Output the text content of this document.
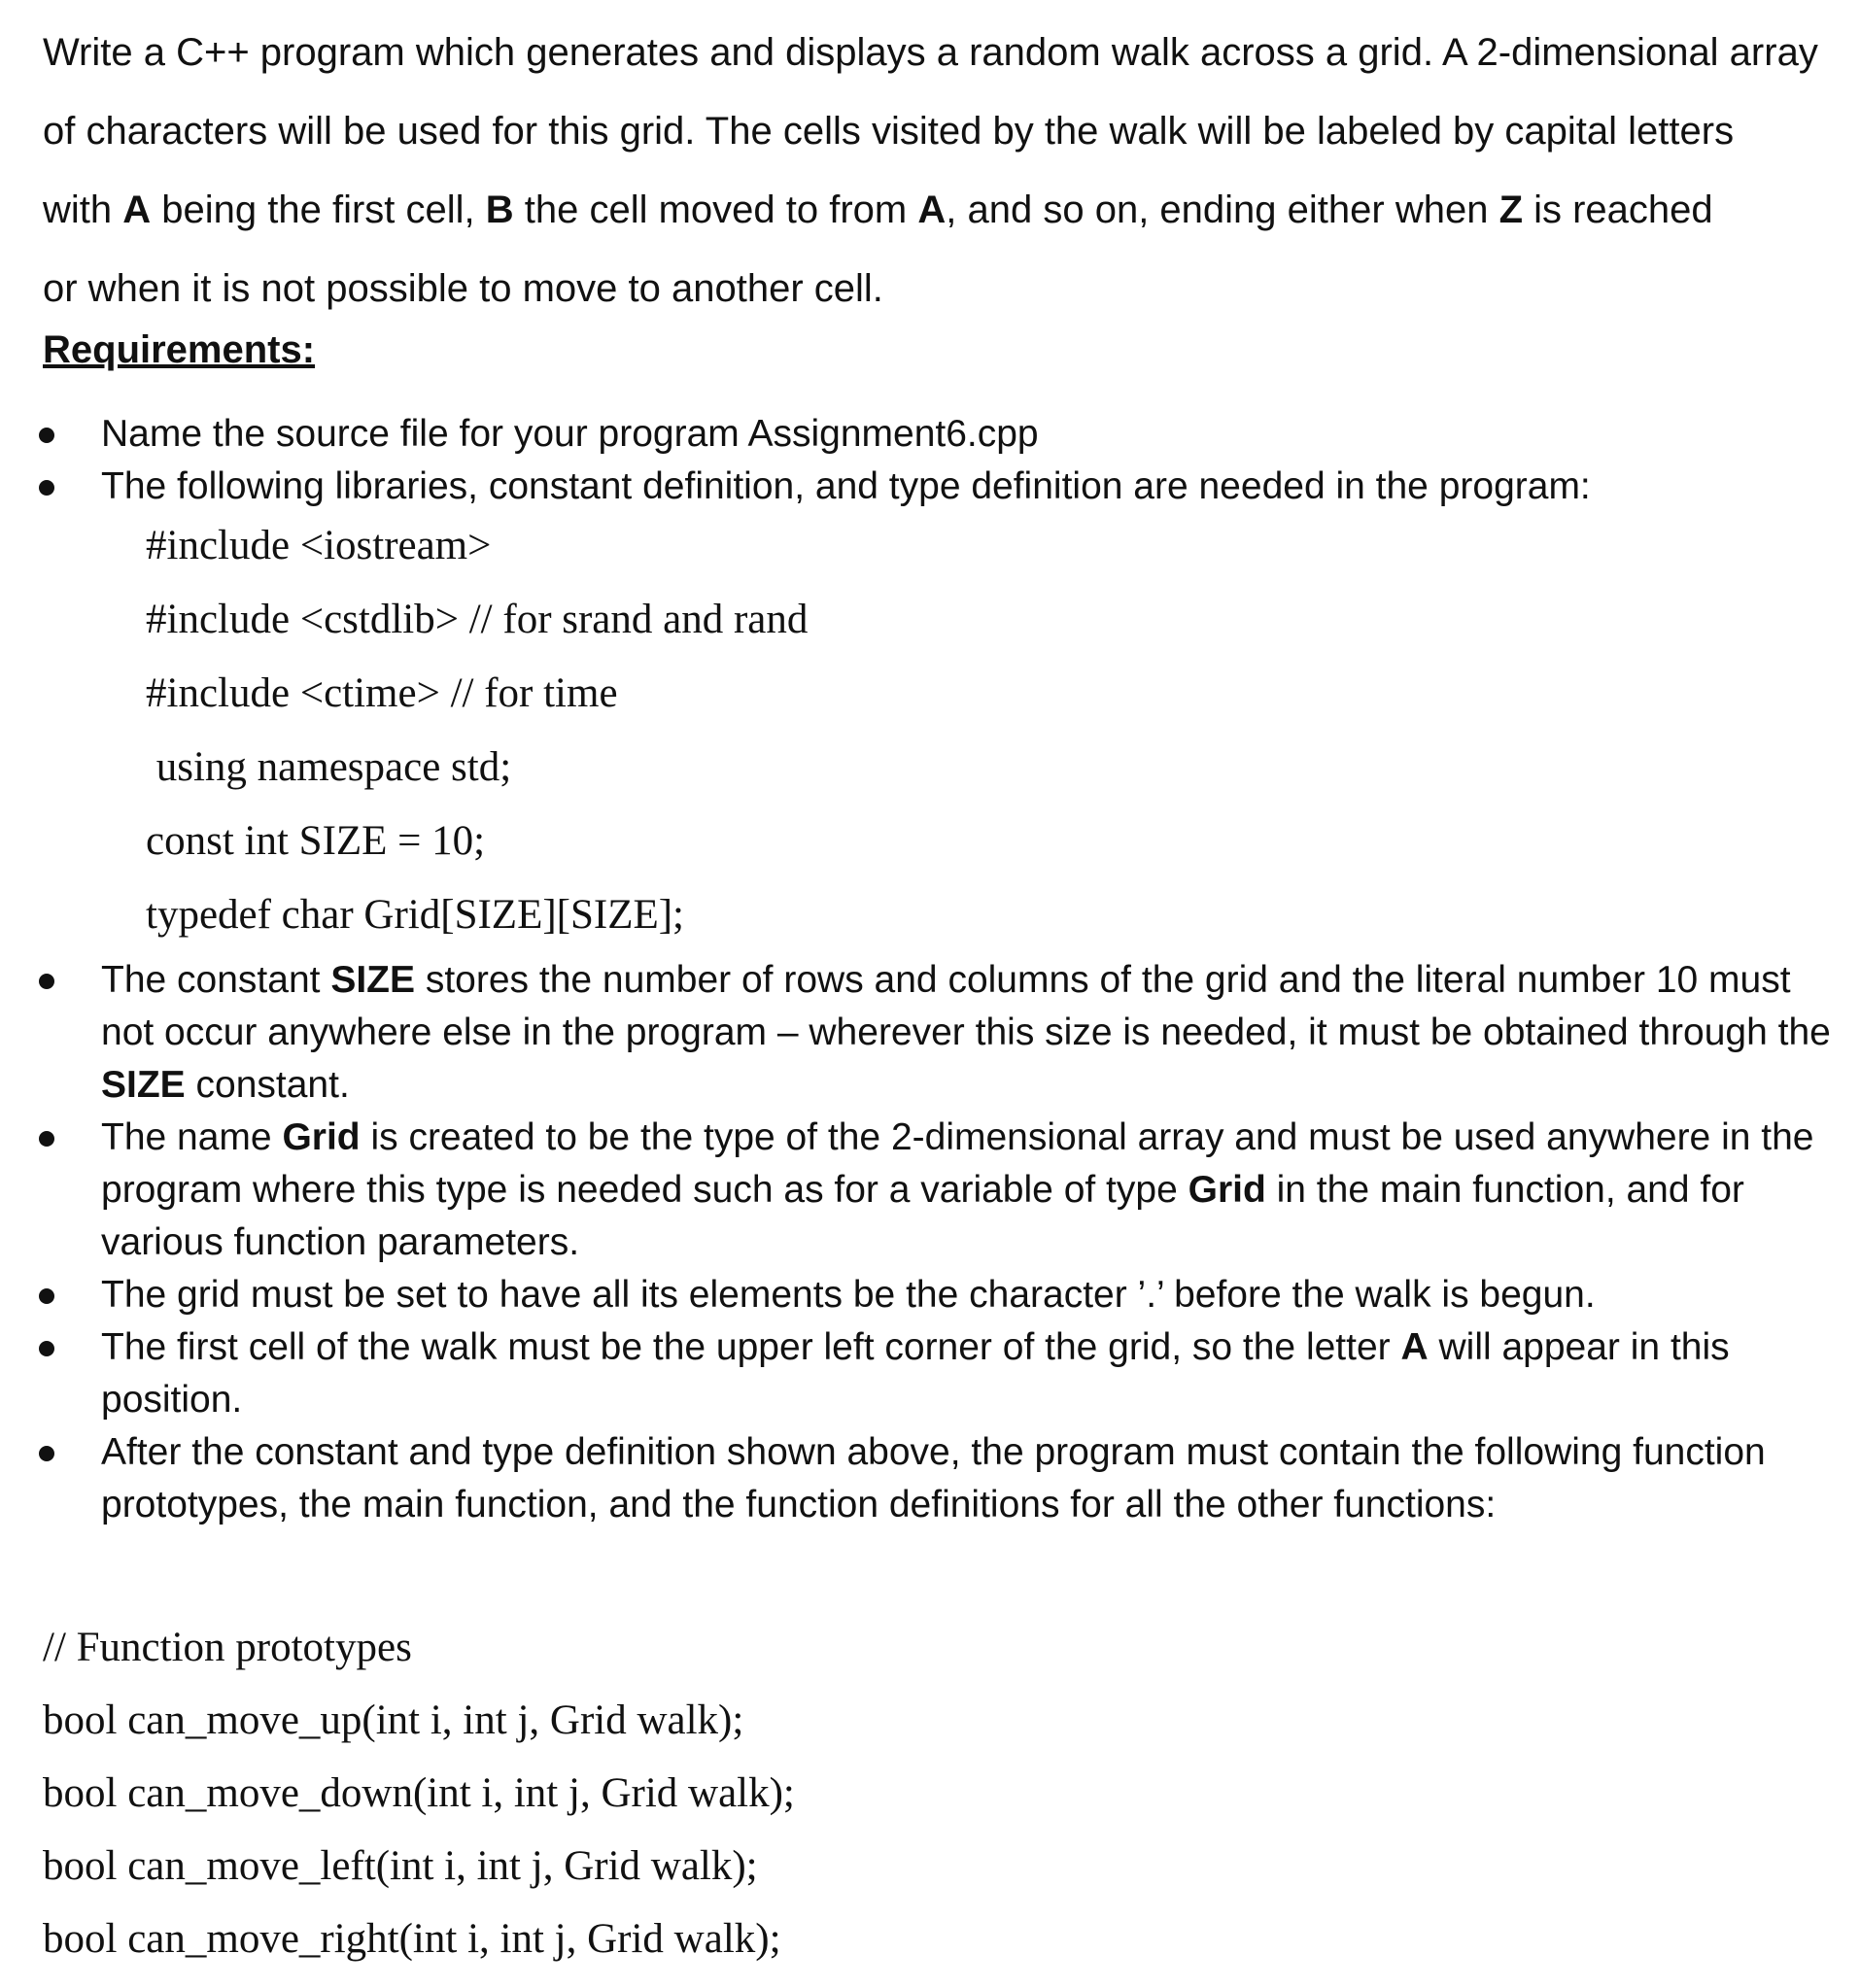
Write a C++ program which generates and displays a random walk across a grid. A 2-dimensional array
of characters will be used for this grid. The cells visited by the walk will be labeled by capital letters
with A being the first cell, B the cell moved to from A, and so on, ending either when Z is reached
or when it is not possible to move to another cell.
Requirements:
Name the source file for your program Assignment6.cpp
The following libraries, constant definition, and type definition are needed in the program:
#include <iostream>
#include <cstdlib> // for srand and rand
#include <ctime> // for time
using namespace std;
const int SIZE = 10;
typedef char Grid[SIZE][SIZE];
The constant SIZE stores the number of rows and columns of the grid and the literal number 10 must not occur anywhere else in the program – wherever this size is needed, it must be obtained through the SIZE constant.
The name Grid is created to be the type of the 2-dimensional array and must be used anywhere in the program where this type is needed such as for a variable of type Grid in the main function, and for various function parameters.
The grid must be set to have all its elements be the character ’.’ before the walk is begun.
The first cell of the walk must be the upper left corner of the grid, so the letter A will appear in this position.
After the constant and type definition shown above, the program must contain the following function prototypes, the main function, and the function definitions for all the other functions:
// Function prototypes
bool can_move_up(int i, int j, Grid walk);
bool can_move_down(int i, int j, Grid walk);
bool can_move_left(int i, int j, Grid walk);
bool can_move_right(int i, int j, Grid walk);
